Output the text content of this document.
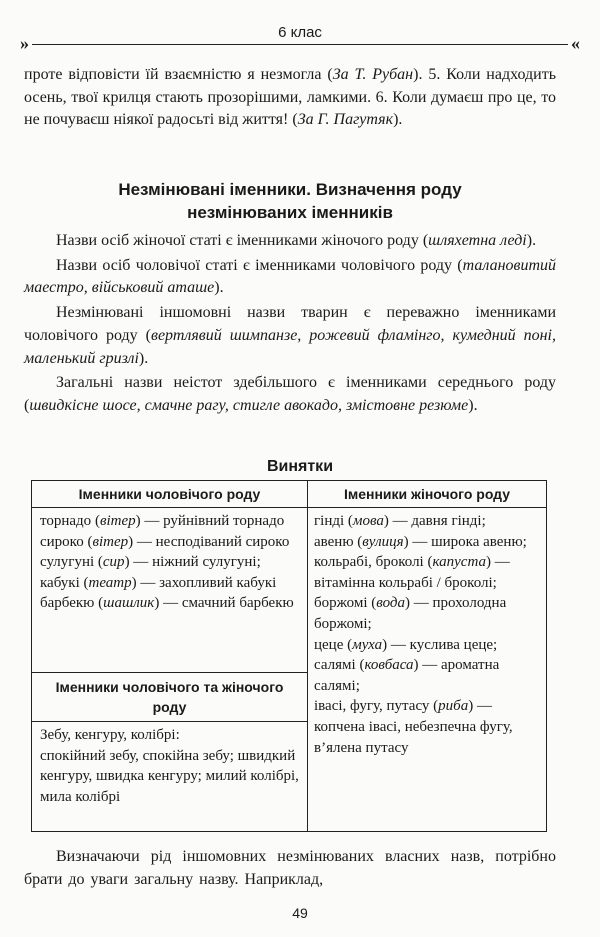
»
6 клас
«

проте відповісти їй взаємністю я незмогла (За Т. Рубан). 5. Коли надходить осень, твої крилця стають прозорішими, ламкими. 6. Коли думаєш про це, то не почуваєш ніякої радосьті від життя! (За Г. Пагутяк).

Незмінювані іменники. Визначення роду
незмінюваних іменників

Назви осіб жіночої статі є іменниками жіночого роду (шляхетна леді).

Назви осіб чоловічої статі є іменниками чоловічого роду (талановитий маестро, військовий аташе).

Незмінювані іншомовні назви тварин є переважно іменниками чоловічого роду (вертлявий шимпанзе, рожевий фламінго, кумедний поні, маленький гризлі).

Загальні назви неістот здебільшого є іменниками середнього роду (швидкісне шосе, смачне рагу, стигле авокадо, змістовне резюме).

Винятки
Іменники чоловічого роду
торнадо (вітер) — руйнівний торнадо
сироко (вітер) — несподіваний сироко
сулугуні (сир) — ніжний сулугуні;
кабукі (театр) — захопливий кабукі
барбекю (шашлик) — смачний барбекю
Іменники чоловічого та жіночого роду
Зебу, кенгуру, колібрі:
спокійний зебу, спокійна зебу; швидкий кенгуру, швидка кенгуру; милий колібрі, мила колібрі
Іменники жіночого роду
гінді (мова) — давня гінді;
авеню (вулиця) — широка авеню;
кольрабі, броколі (капуста) — вітамінна кольрабі / броколі;
боржомі (вода) — прохолодна боржомі;
цеце (муха) — куслива цеце;
салямі (ковбаса) — ароматна салямі;
івасі, фугу, путасу (риба) — копчена івасі, небезпечна фугу, в’ялена путасу

Визначаючи рід іншомовних незмінюваних власних назв, потрібно брати до уваги загальну назву. Наприклад,

49
